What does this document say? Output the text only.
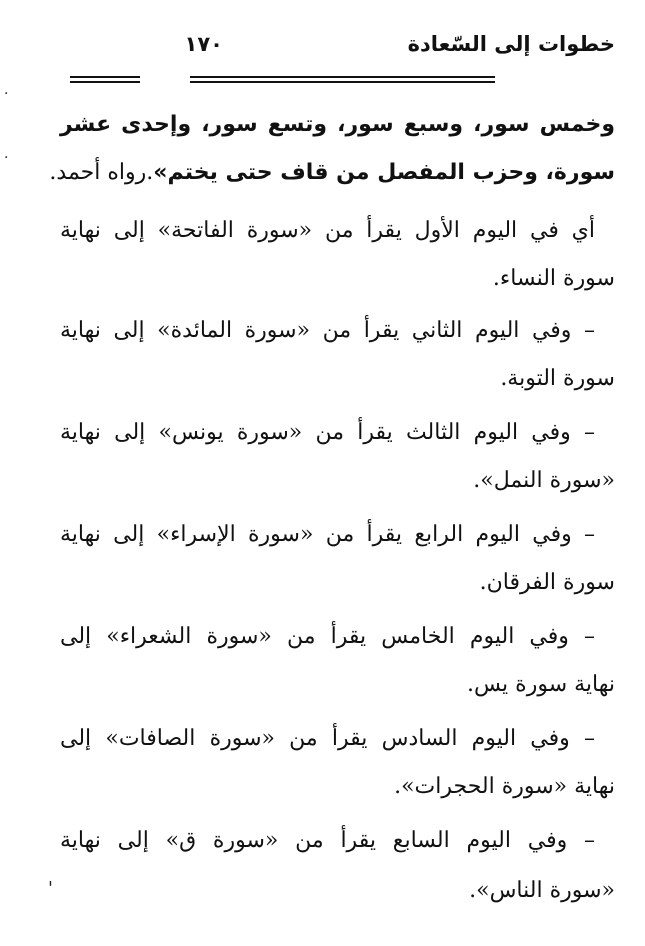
خطوات إلى السّعادة
١٧٠
·
·
وخمس سور، وسبع سور، وتسع سور، وإحدى عشر
سورة، وحزب المفصل من قاف حتى يختم».رواه أحمد.
أي في اليوم الأول يقرأ من «سورة الفاتحة» إلى نهاية
سورة النساء.
– وفي اليوم الثاني يقرأ من «سورة المائدة» إلى نهاية
سورة التوبة.
– وفي اليوم الثالث يقرأ من «سورة يونس» إلى نهاية
«سورة النمل».
– وفي اليوم الرابع يقرأ من «سورة الإسراء» إلى نهاية
سورة الفرقان.
– وفي اليوم الخامس يقرأ من «سورة الشعراء» إلى
نهاية سورة يس.
– وفي اليوم السادس يقرأ من «سورة الصافات» إلى
نهاية «سورة الحجرات».
– وفي اليوم السابع يقرأ من «سورة ق» إلى نهاية
«سورة الناس».
'
